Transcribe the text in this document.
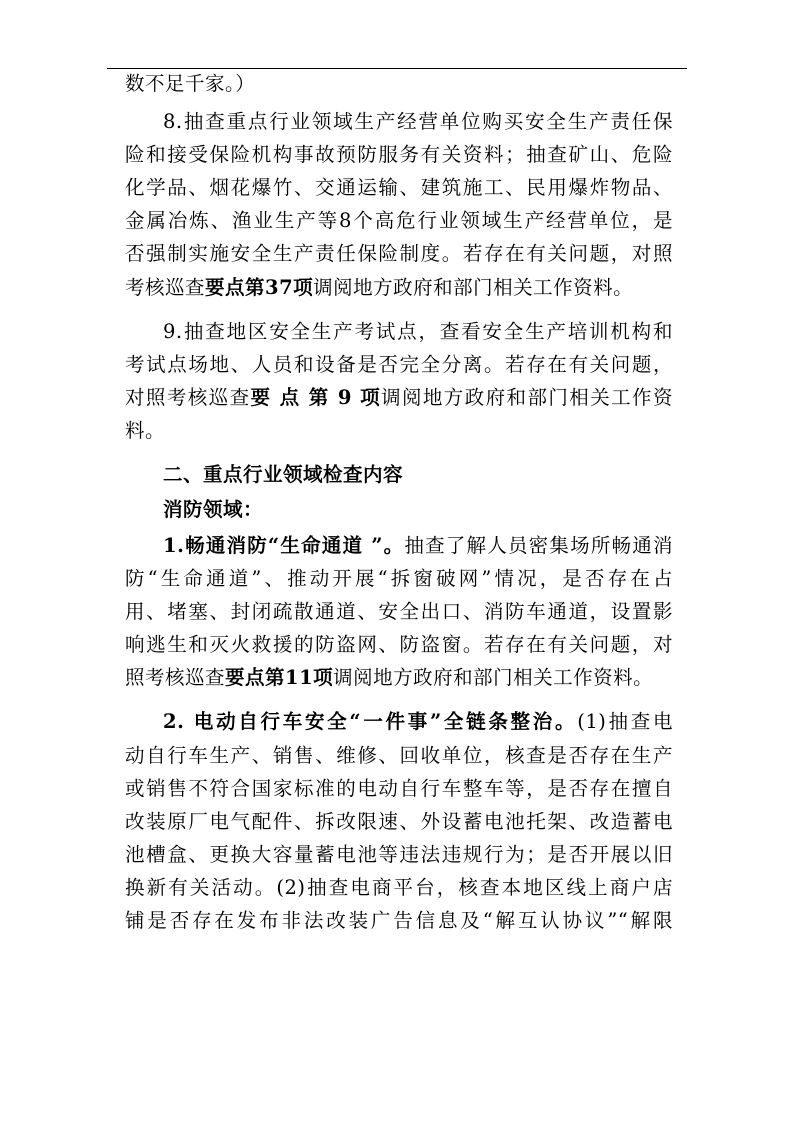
数不足千家。）
8.抽查重点行业领域生产经营单位购买安全生产责任保
险和接受保险机构事故预防服务有关资料；抽查矿山、危险
化学品、烟花爆竹、交通运输、建筑施工、民用爆炸物品、
金属冶炼、渔业生产等8个高危行业领域生产经营单位，是
否强制实施安全生产责任保险制度。若存在有关问题，对照
考核巡查要点第37项调阅地方政府和部门相关工作资料。
9.抽查地区安全生产考试点，查看安全生产培训机构和
考试点场地、人员和设备是否完全分离。若存在有关问题，
对照考核巡查要 点 第 9 项调阅地方政府和部门相关工作资
料。
二、重点行业领域检查内容
消防领域：
1.畅通消防“生命通道 ”。抽查了解人员密集场所畅通消
防“生命通道”、推动开展“拆窗破网”情况，是否存在占
用、堵塞、封闭疏散通道、安全出口、消防车通道，设置影
响逃生和灭火救援的防盗网、防盗窗。若存在有关问题，对
照考核巡查要点第11项调阅地方政府和部门相关工作资料。
2. 电动自行车安全“一件事”全链条整治。(1)抽查电
动自行车生产、销售、维修、回收单位，核查是否存在生产
或销售不符合国家标准的电动自行车整车等，是否存在擅自
改装原厂电气配件、拆改限速、外设蓄电池托架、改造蓄电
池槽盒、更换大容量蓄电池等违法违规行为；是否开展以旧
换新有关活动。(2)抽查电商平台，核查本地区线上商户店
铺是否存在发布非法改装广告信息及“解互认协议”“解限
